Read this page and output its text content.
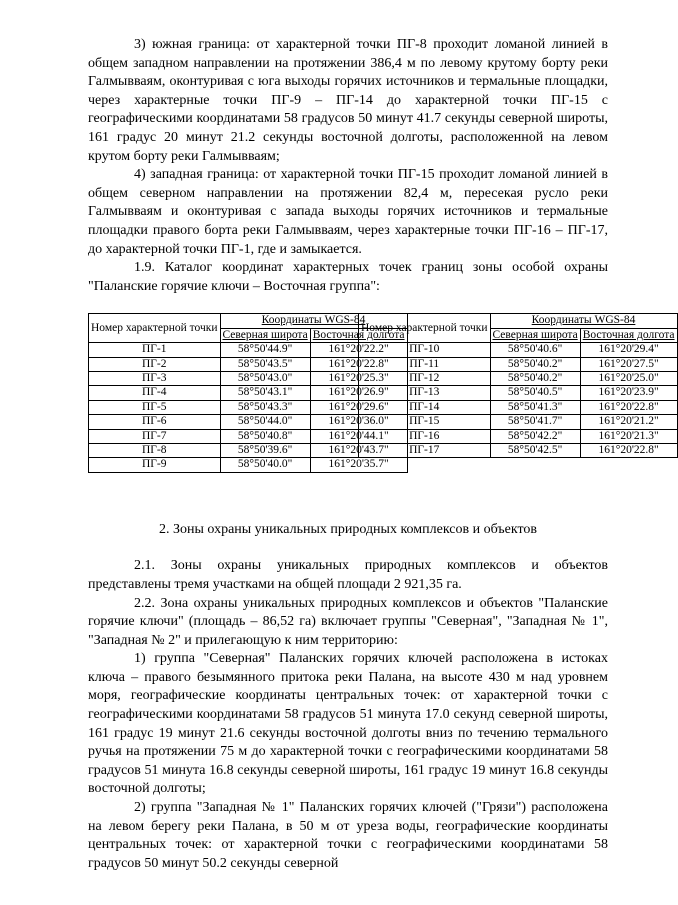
3) южная граница: от характерной точки ПГ-8 проходит ломаной линией в общем западном направлении на протяжении 386,4 м по левому крутому борту реки Галмывваям, оконтуривая с юга выходы горячих источников и термальные площадки, через характерные точки ПГ-9 – ПГ-14 до характерной точки ПГ-15 с географическими координатами 58 градусов 50 минут 41.7 секунды северной широты, 161 градус 20 минут 21.2 секунды восточной долготы, расположенной на левом крутом борту реки Галмывваям;

4) западная граница: от характерной точки ПГ-15 проходит ломаной линией в общем северном направлении на протяжении 82,4 м, пересекая русло реки Галмывваям и оконтуривая с запада выходы горячих источников и термальные площадки правого борта реки Галмывваям, через характерные точки ПГ-16 – ПГ-17, до характерной точки ПГ-1, где и замыкается.

1.9. Каталог координат характерных точек границ зоны особой охраны "Паланские горячие ключи – Восточная группа":

Номер характерной точки	Координаты WGS-84	
	Северная широта	Восточная долгота
ПГ-1	58°50'44.9"	161°20'22.2"
ПГ-2	58°50'43.5"	161°20'22.8"
ПГ-3	58°50'43.0"	161°20'25.3"
ПГ-4	58°50'43.1"	161°20'26.9"
ПГ-5	58°50'43.3"	161°20'29.6"
ПГ-6	58°50'44.0"	161°20'36.0"
ПГ-7	58°50'40.8"	161°20'44.1"
ПГ-8	58°50'39.6"	161°20'43.7"
ПГ-9	58°50'40.0"	161°20'35.7"
Номер характерной точки	Координаты WGS-84	
	Северная широта	Восточная долгота
ПГ-10	58°50'40.6"	161°20'29.4"
ПГ-11	58°50'40.2"	161°20'27.5"
ПГ-12	58°50'40.2"	161°20'25.0"
ПГ-13	58°50'40.5"	161°20'23.9"
ПГ-14	58°50'41.3"	161°20'22.8"
ПГ-15	58°50'41.7"	161°20'21.2"
ПГ-16	58°50'42.2"	161°20'21.3"
ПГ-17	58°50'42.5"	161°20'22.8"
2. Зоны охраны уникальных природных комплексов и объектов

2.1. Зоны охраны уникальных природных комплексов и объектов представлены тремя участками на общей площади 2 921,35 га.

2.2. Зона охраны уникальных природных комплексов и объектов "Паланские горячие ключи" (площадь – 86,52 га) включает группы "Северная", "Западная № 1", "Западная № 2" и прилегающую к ним территорию:

1) группа "Северная" Паланских горячих ключей расположена в истоках ключа – правого безымянного притока реки Палана, на высоте 430 м над уровнем моря, географические координаты центральных точек: от характерной точки с географическими координатами 58 градусов 51 минута 17.0 секунд северной широты, 161 градус 19 минут 21.6 секунды восточной долготы вниз по течению термального ручья на протяжении 75 м до характерной точки с географическими координатами 58 градусов 51 минута 16.8 секунды северной широты, 161 градус 19 минут 16.8 секунды восточной долготы;

2) группа "Западная № 1" Паланских горячих ключей ("Грязи") расположена на левом берегу реки Палана, в 50 м от уреза воды, географические координаты центральных точек: от характерной точки с географическими координатами 58 градусов 50 минут 50.2 секунды северной
